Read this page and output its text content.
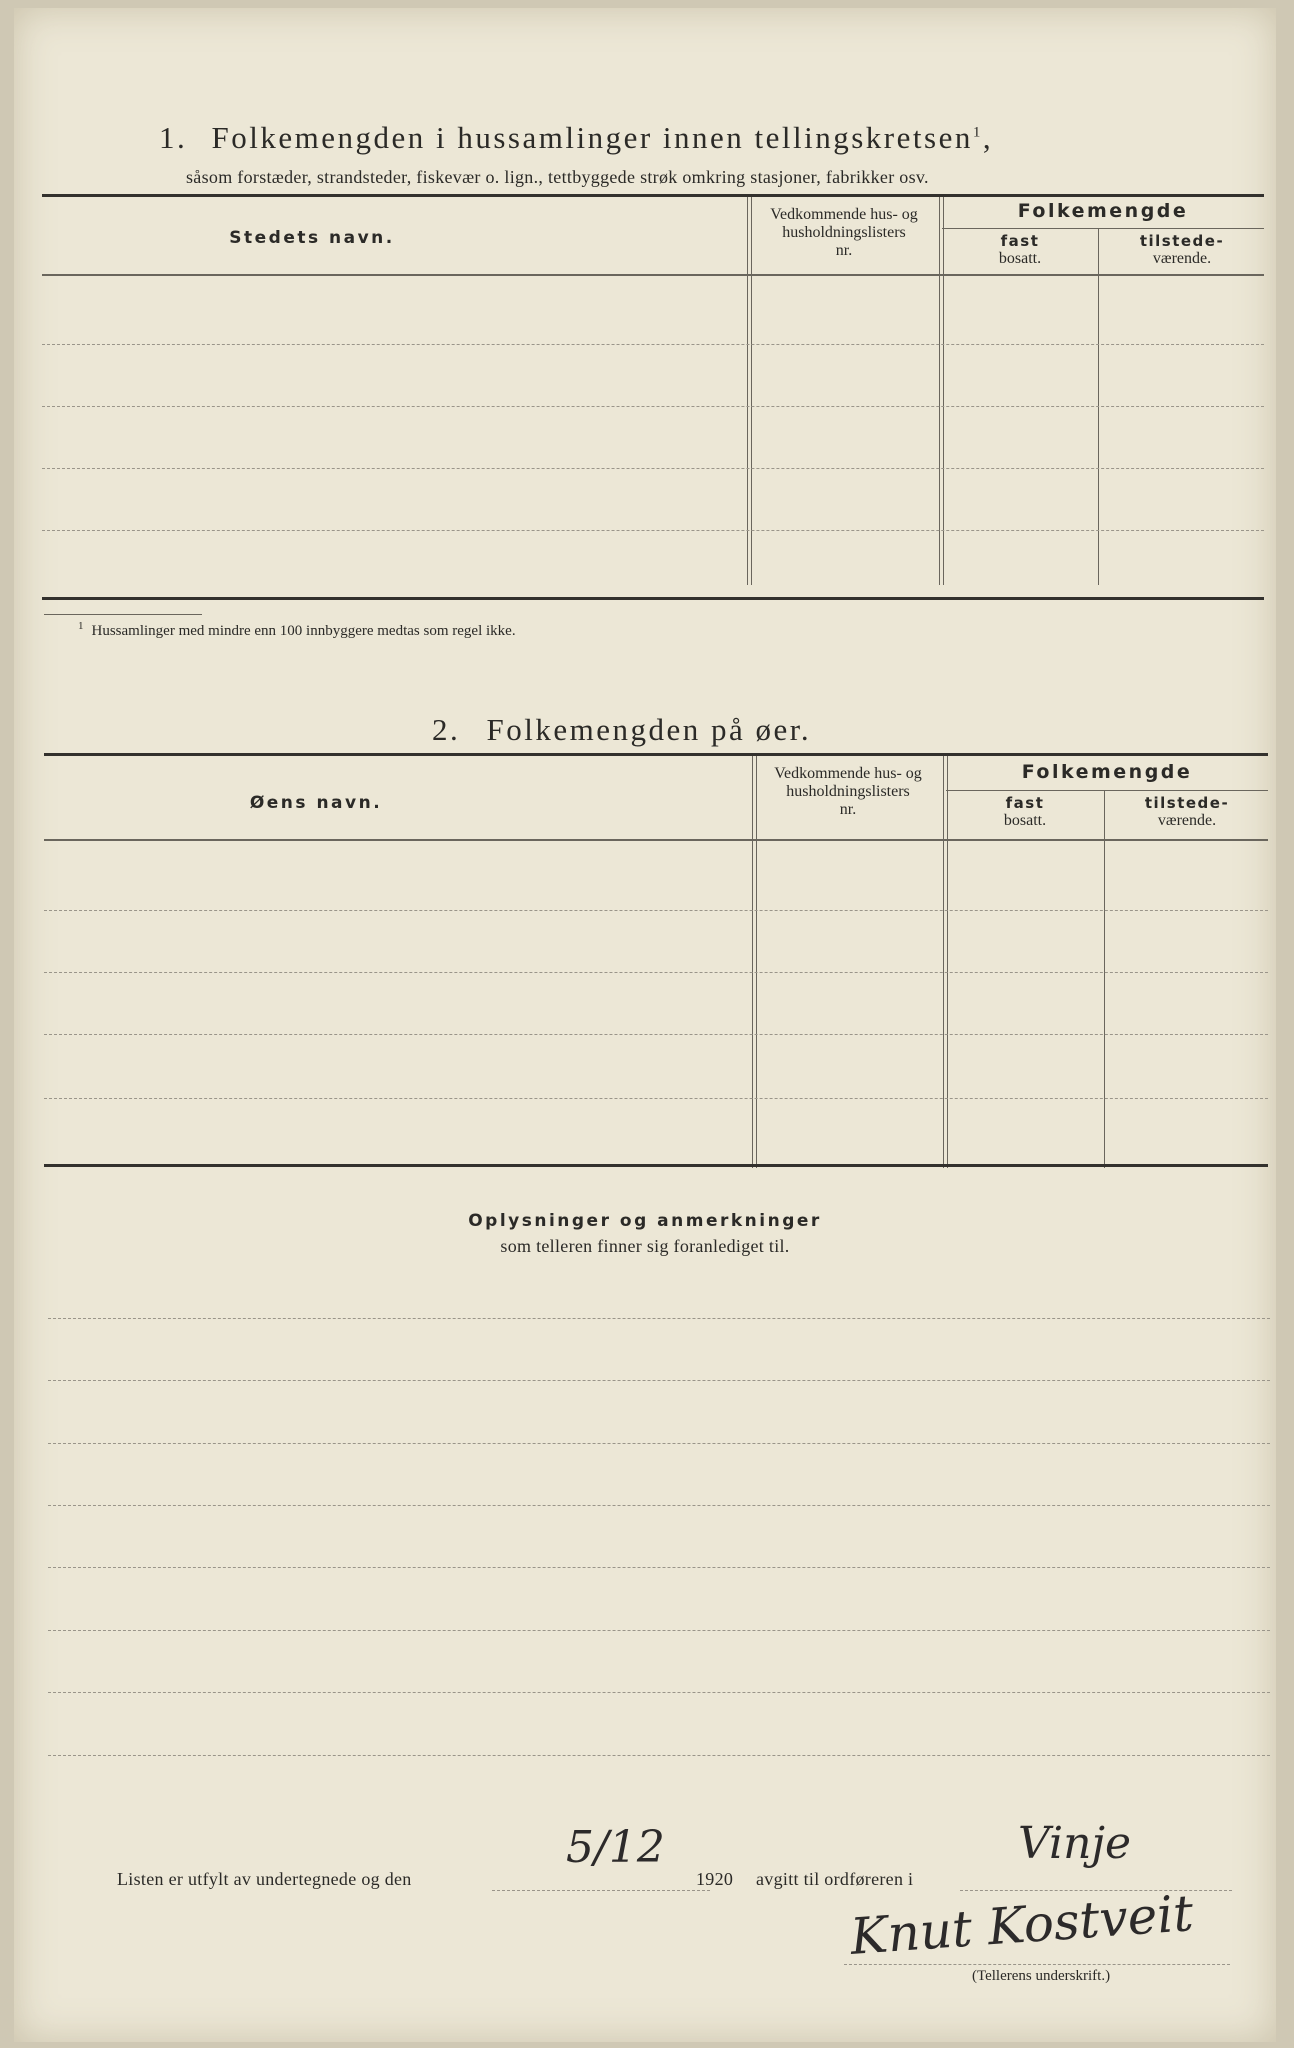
1. Folkemengden i hussamlinger innen tellingskretsen$^1$,
såsom forstæder, strandsteder, fiskevær o. lign., tettbyggede strøk omkring stasjoner, fabrikker osv.
Stedets navn.
Vedkommende hus- og
husholdningslisters
nr.
Folkemengde
fast
bosatt.
tilstede-
værende.
$^1$ Hussamlinger med mindre enn 100 innbyggere medtas som regel ikke.
2. Folkemengden på øer.
Øens navn.
Vedkommende hus- og
husholdningslisters
nr.
Folkemengde
fast
bosatt.
tilstede-
værende.
Oplysninger og anmerkninger
som telleren finner sig foranlediget til.
Listen er utfylt av undertegnede og den
5/12
1920 avgitt til ordføreren i
Vinje
Knut Kostveit
(Tellerens underskrift.)
